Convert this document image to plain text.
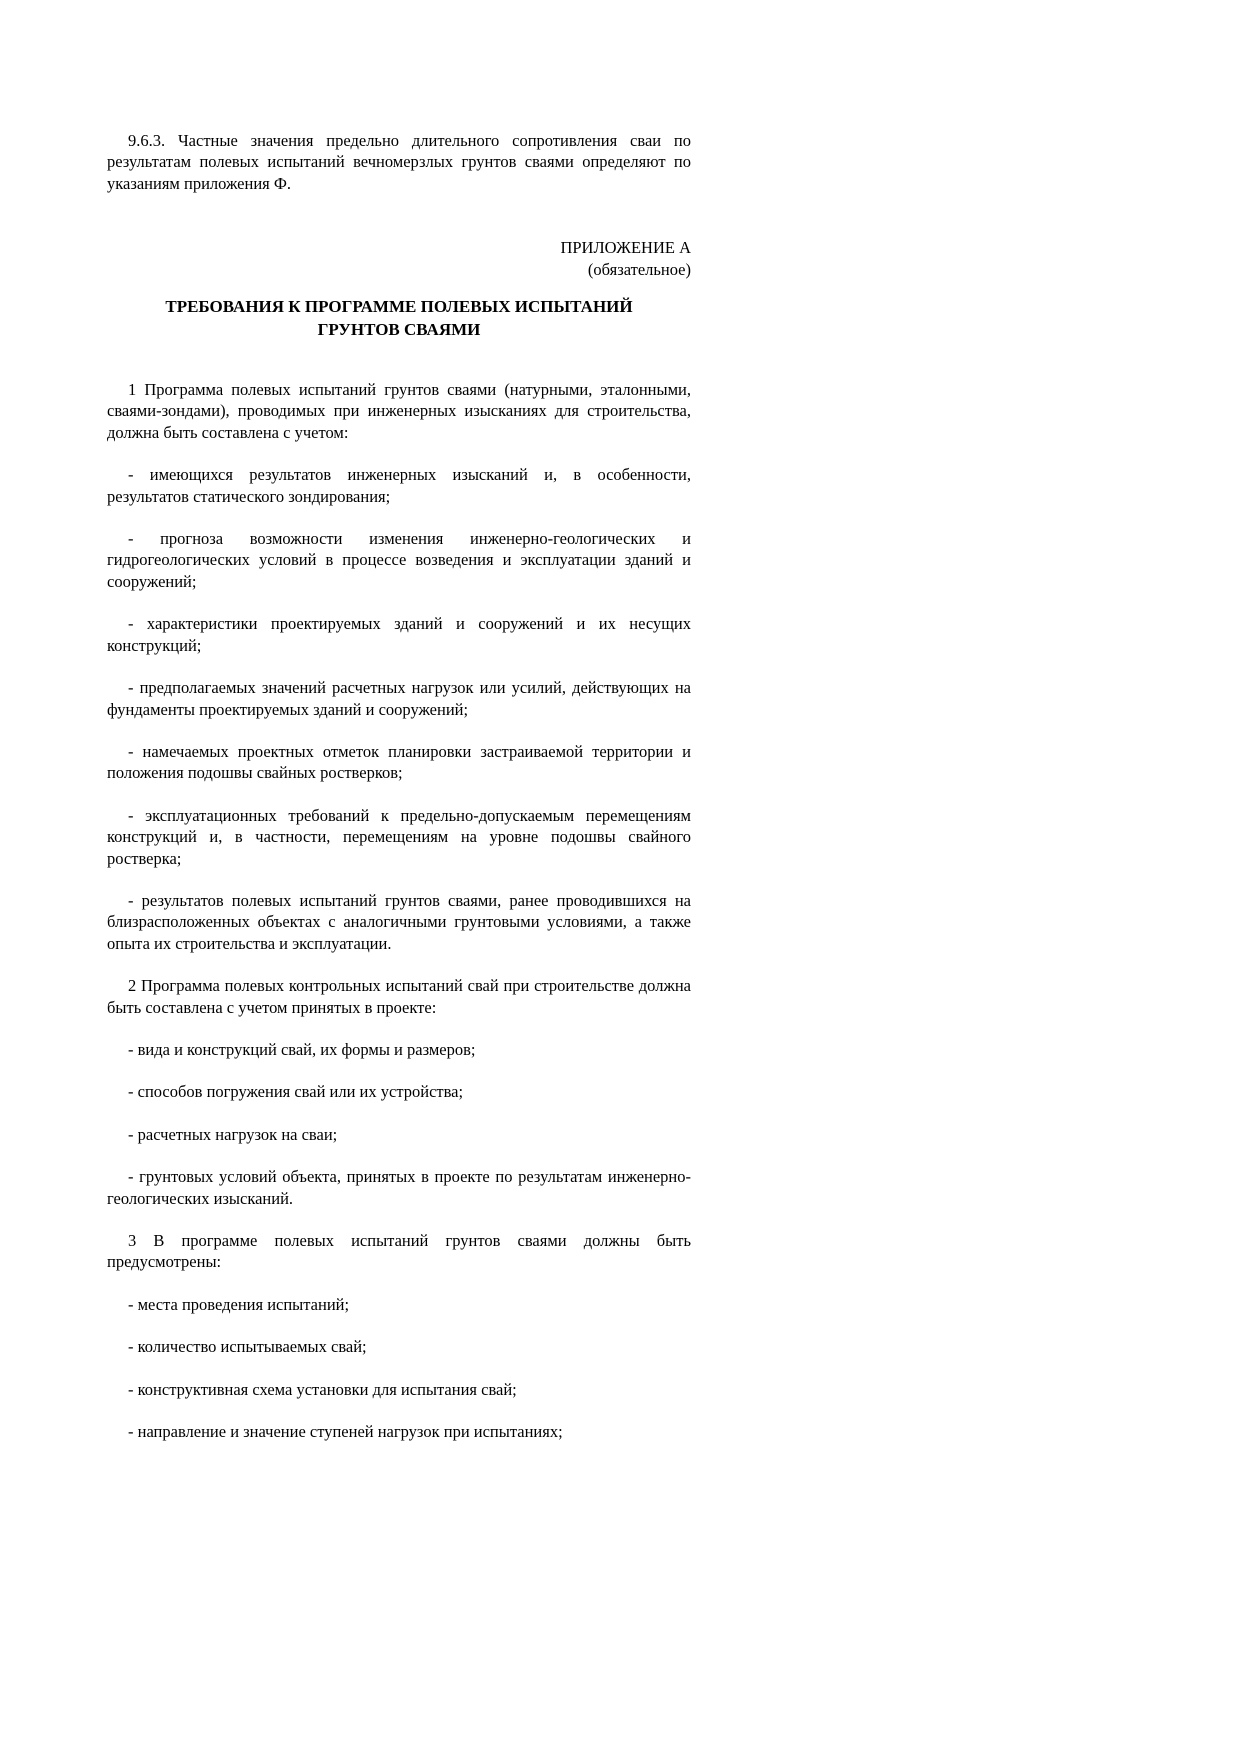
9.6.3. Частные значения предельно длительного сопротивления сваи по результатам полевых испытаний вечномерзлых грунтов сваями определяют по указаниям приложения Ф.

ПРИЛОЖЕНИЕ А

(обязательное)

ТРЕБОВАНИЯ К ПРОГРАММЕ ПОЛЕВЫХ ИСПЫТАНИЙ ГРУНТОВ СВАЯМИ

1 Программа полевых испытаний грунтов сваями (натурными, эталонными, сваями-зондами), проводимых при инженерных изысканиях для строительства, должна быть составлена с учетом:

- имеющихся результатов инженерных изысканий и, в особенности, результатов статического зондирования;

- прогноза возможности изменения инженерно-геологических и гидрогеологических условий в процессе возведения и эксплуатации зданий и сооружений;

- характеристики проектируемых зданий и сооружений и их несущих конструкций;

- предполагаемых значений расчетных нагрузок или усилий, действующих на фундаменты проектируемых зданий и сооружений;

- намечаемых проектных отметок планировки застраиваемой территории и положения подошвы свайных ростверков;

- эксплуатационных требований к предельно-допускаемым перемещениям конструкций и, в частности, перемещениям на уровне подошвы свайного ростверка;

- результатов полевых испытаний грунтов сваями, ранее проводившихся на близрасположенных объектах с аналогичными грунтовыми условиями, а также опыта их строительства и эксплуатации.

2 Программа полевых контрольных испытаний свай при строительстве должна быть составлена с учетом принятых в проекте:

- вида и конструкций свай, их формы и размеров;

- способов погружения свай или их устройства;

- расчетных нагрузок на сваи;

- грунтовых условий объекта, принятых в проекте по результатам инженерно-геологических изысканий.

3 В программе полевых испытаний грунтов сваями должны быть предусмотрены:

- места проведения испытаний;

- количество испытываемых свай;

- конструктивная схема установки для испытания свай;

- направление и значение ступеней нагрузок при испытаниях;
